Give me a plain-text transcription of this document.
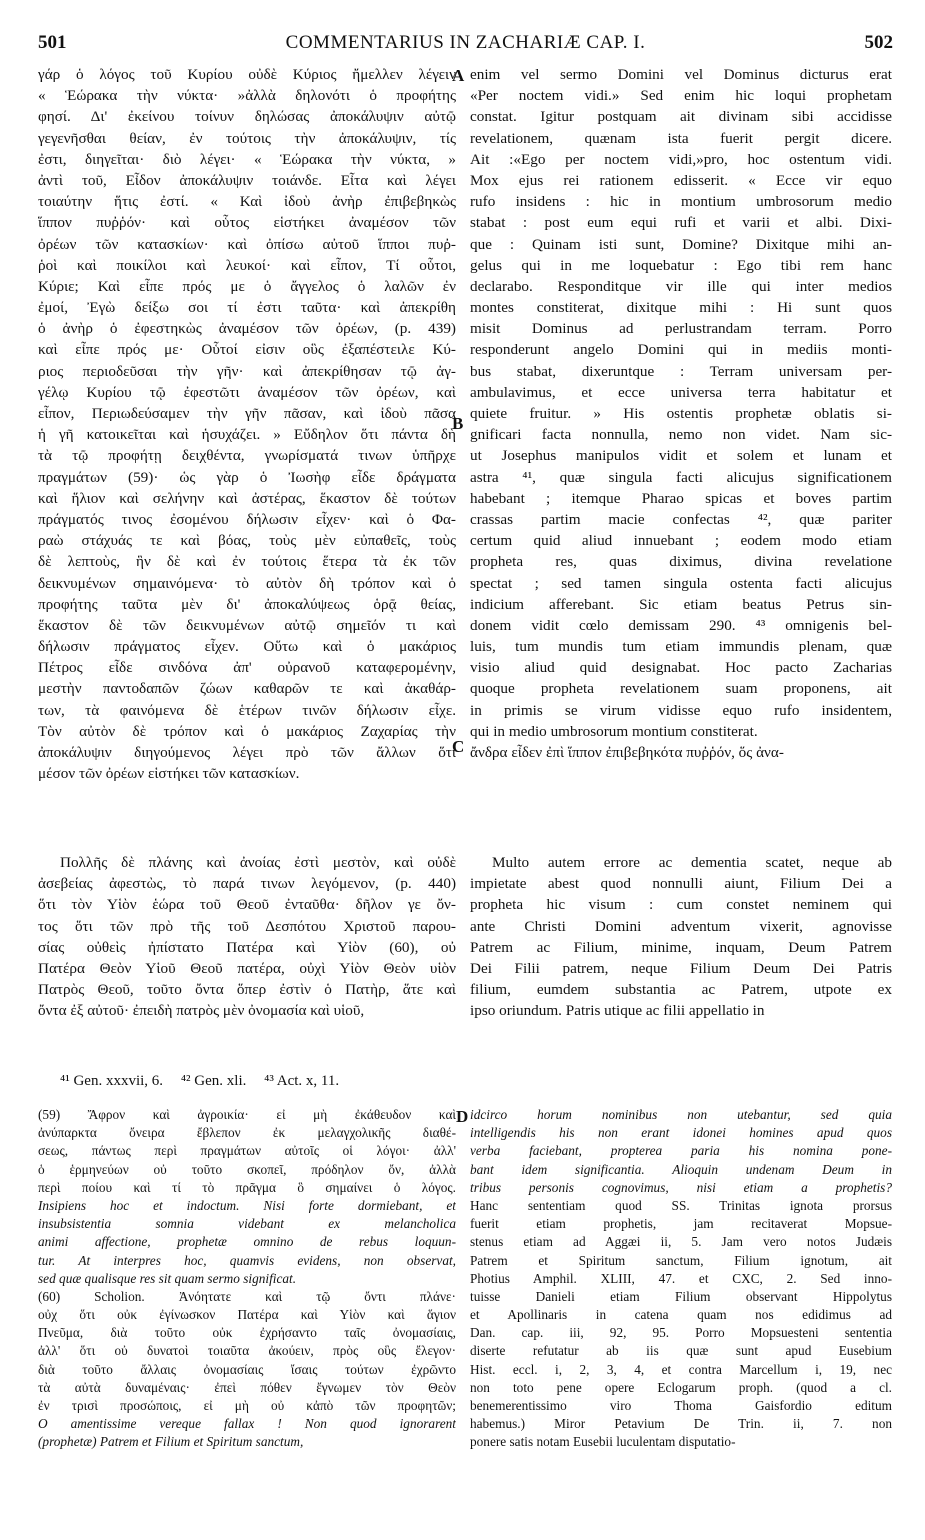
501	COMMENTARIUS IN ZACHARIÆ CAP. I.	502
γάρ ὁ λόγος τοῦ Κυρίου οὐδὲ Κύριος ἤμελλεν λέγειν
« Ἑώρακα τὴν νύκτα· »ἀλλὰ δηλονότι ὁ προφήτης
φησί. Δι' ἐκείνου τοίνυν δηλώσας ἀποκάλυψιν αὐτῷ
γεγενῆσθαι θείαν, ἐν τούτοις τὴν ἀποκάλυψιν, τίς
ἐστι, διηγεῖται· διὸ λέγει· « Ἑώρακα τὴν νύκτα, »
ἀντὶ τοῦ, Εἶδον ἀποκάλυψιν τοιάνδε. Εἶτα καὶ λέγει
τοιαύτην ἥτις ἐστί. « Καὶ ἰδοὺ ἀνὴρ ἐπιβεβηκὼς
ἵππον πυῤῥόν· καὶ οὗτος εἱστήκει ἀναμέσον τῶν
ὀρέων τῶν κατασκίων· καὶ ὀπίσω αὐτοῦ ἵπποι πυῤ-
ῥοὶ καὶ ποικίλοι καὶ λευκοί· καὶ εἶπον, Τί οὗτοι,
Κύριε; Καὶ εἶπε πρός με ὁ ἄγγελος ὁ λαλῶν ἐν
ἐμοί, Ἐγὼ δείξω σοι τί ἐστι ταῦτα· καὶ ἀπεκρίθη
ὁ ἀνὴρ ὁ ἐφεστηκὼς ἀναμέσον τῶν ὀρέων, (p. 439)
καὶ εἶπε πρός με· Οὗτοί εἰσιν οὓς ἐξαπέστειλε Κύ-
ριος περιοδεῦσαι τὴν γῆν· καὶ ἀπεκρίθησαν τῷ ἀγ-
γέλῳ Κυρίου τῷ ἐφεστῶτι ἀναμέσον τῶν ὀρέων, καὶ
εἶπον, Περιωδεύσαμεν τὴν γῆν πᾶσαν, καὶ ἰδοὺ πᾶσα
ἡ γῆ κατοικεῖται καὶ ἡσυχάζει. » Εὔδηλον ὅτι πάντα δὴ
τὰ τῷ προφήτῃ δειχθέντα, γνωρίσματά τινων ὑπῆρχε
πραγμάτων (59)· ὡς γὰρ ὁ Ἰωσὴφ εἶδε δράγματα
καὶ ἥλιον καὶ σελήνην καὶ ἀστέρας, ἕκαστον δὲ τούτων
πράγματός τινος ἐσομένου δήλωσιν εἶχεν· καὶ ὁ Φα-
ραὼ στάχυάς τε καὶ βόας, τοὺς μὲν εὐπαθεῖς, τοὺς
δὲ λεπτοὺς, ἣν δὲ καὶ ἐν τούτοις ἕτερα τὰ ἐκ τῶν
δεικνυμένων σημαινόμενα· τὸ αὐτὸν δὴ τρόπον καὶ ὁ
προφήτης ταῦτα μὲν δι' ἀποκαλύψεως ὁρᾷ θείας,
ἕκαστον δὲ τῶν δεικνυμένων αὐτῷ σημεῖόν τι καὶ
δήλωσιν πράγματος εἶχεν. Οὕτω καὶ ὁ μακάριος
Πέτρος εἶδε σινδόνα ἀπ' οὐρανοῦ καταφερομένην,
μεστὴν παντοδαπῶν ζώων καθαρῶν τε καὶ ἀκαθάρ-
των, τὰ φαινόμενα δὲ ἑτέρων τινῶν δήλωσιν εἶχε.
Τὸν αὐτὸν δὲ τρόπον καὶ ὁ μακάριος Ζαχαρίας τὴν
ἀποκάλυψιν διηγούμενος λέγει πρὸ τῶν ἄλλων ὅτι
μέσον τῶν ὀρέων εἱστήκει τῶν κατασκίων.
Πολλῆς δὲ πλάνης καὶ ἀνοίας ἐστὶ μεστὸν, καὶ οὐδὲ
ἀσεβείας ἀφεστὼς, τὸ παρά τινων λεγόμενον, (p. 440)
ὅτι τὸν Υἱὸν ἑώρα τοῦ Θεοῦ ἐνταῦθα· δῆλον γε ὄν-
τος ὅτι τῶν πρὸ τῆς τοῦ Δεσπότου Χριστοῦ παρου-
σίας οὐθεὶς ἠπίστατο Πατέρα καὶ Υἱὸν (60), οὐ
Πατέρα Θεὸν Υἱοῦ Θεοῦ πατέρα, οὐχὶ Υἱὸν Θεὸν υἱὸν
Πατρὸς Θεοῦ, τοῦτο ὄντα ὅπερ ἐστὶν ὁ Πατὴρ, ἅτε καὶ
ὄντα ἐξ αὐτοῦ· ἐπειδὴ πατρὸς μὲν ὀνομασία καὶ υἱοῦ,
enim vel sermo Domini vel Dominus dicturus erat
«Per noctem vidi.» Sed enim hic loqui prophetam
constat. Igitur postquam ait divinam sibi accidisse
revelationem, quænam ista fuerit pergit dicere.
Ait :«Ego per noctem vidi,»pro, hoc ostentum vidi.
Mox ejus rei rationem edisserit. « Ecce vir equo
rufo insidens : hic in montium umbrosorum medio
stabat : post eum equi rufi et varii et albi. Dixi-
que : Quinam isti sunt, Domine? Dixitque mihi an-
gelus qui in me loquebatur : Ego tibi rem hanc
declarabo. Responditque vir ille qui inter medios
montes constiterat, dixitque mihi : Hi sunt quos
misit Dominus ad perlustrandam terram. Porro
responderunt angelo Domini qui in mediis monti-
bus stabat, dixeruntque : Terram universam per-
ambulavimus, et ecce universa terra habitatur et
quiete fruitur. » His ostentis prophetæ oblatis si-
gnificari facta nonnulla, nemo non videt. Nam sic-
ut Josephus manipulos vidit et solem et lunam et
astra ⁴¹, quæ singula facti alicujus significationem
habebant ; itemque Pharao spicas et boves partim
crassas partim macie confectas ⁴², quæ pariter
certum quid aliud innuebant ; eodem modo etiam
propheta res, quas diximus, divina revelatione
spectat ; sed tamen singula ostenta facti alicujus
indicium afferebant. Sic etiam beatus Petrus sin-
donem vidit cœlo demissam 290. ⁴³ omnigenis bel-
luis, tum mundis tum etiam immundis plenam, quæ
visio aliud quid designabat. Hoc pacto Zacharias
quoque propheta revelationem suam proponens, ait
in primis se virum vidisse equo rufo insidentem,
qui in medio umbrosorum montium constiterat.
ἄνδρα εἶδεν ἐπὶ ἵππον ἐπιβεβηκότα πυῤῥόν, ὅς ἀνα-
Multo autem errore ac dementia scatet, neque ab
impietate abest quod nonnulli aiunt, Filium Dei a
propheta hic visum : cum constet neminem qui
ante Christi Domini adventum vixerit, agnovisse
Patrem ac Filium, minime, inquam, Deum Patrem
Dei Filii patrem, neque Filium Deum Dei Patris
filium, eumdem substantia ac Patrem, utpote ex
ipso oriundum. Patris utique ac filii appellatio in
A
B
C
D
⁴¹ Gen. xxxvii, 6. ⁴² Gen. xli. ⁴³ Act. x, 11.
(59) Ἄφρον καὶ ἀγροικία· εἰ μὴ ἐκάθευδον καὶ
ἀνύπαρκτα ὄνειρα ἔβλεπον ἐκ μελαγχολικῆς διαθέ-
σεως, πάντως περὶ πραγμάτων αὐτοῖς οἱ λόγοι· ἀλλ'
ὁ ἑρμηνεύων οὐ τοῦτο σκοπεῖ, πρόδηλον ὄν, ἀλλὰ
περὶ ποίου καὶ τί τὸ πρᾶγμα ὃ σημαίνει ὁ λόγος.
Insipiens hoc et indoctum. Nisi forte dormiebant, et
insubsistentia somnia videbant ex melancholica
animi affectione, prophetæ omnino de rebus loquun-
tur. At interpres hoc, quamvis evidens, non observat,
sed quæ qualisque res sit quam sermo significat.
(60) Scholion. Ἀνόητατε καὶ τῷ ὄντι πλάνε·
οὐχ ὅτι οὐκ ἐγίνωσκον Πατέρα καὶ Υἱὸν καὶ ἅγιον
Πνεῦμα, διὰ τοῦτο οὐκ ἐχρήσαντο ταῖς ὀνομασίαις,
ἀλλ' ὅτι οὐ δυνατοὶ τοιαῦτα ἀκούειν, πρὸς οὓς ἔλεγον·
διὰ τοῦτο ἄλλαις ὀνομασίαις ἴσαις τούτων ἐχρῶντο
τὰ αὐτὰ δυναμέναις· ἐπεὶ πόθεν ἔγνωμεν τὸν Θεὸν
ἐν τρισὶ προσώποις, εἰ μὴ οὐ κἀπὸ τῶν προφητῶν;
O amentissime vereque fallax ! Non quod ignorarent
(prophetæ) Patrem et Filium et Spiritum sanctum,
idcirco horum nominibus non utebantur, sed quia
intelligendis his non erant idonei homines apud quos
verba faciebant, propterea paria his nomina pone-
bant idem significantia. Alioquin undenam Deum in
tribus personis cognovimus, nisi etiam a prophetis?
Hanc sententiam quod SS. Trinitas ignota prorsus
fuerit etiam prophetis, jam recitaverat Mopsue-
stenus etiam ad Aggæi ii, 5. Jam vero notos Judæis
Patrem et Spiritum sanctum, Filium ignotum, ait
Photius Amphil. XLIII, 47. et CXC, 2. Sed inno-
tuisse Danieli etiam Filium observant Hippolytus
et Apollinaris in catena quam nos edidimus ad
Dan. cap. iii, 92, 95. Porro Mopsuesteni sententia
diserte refutatur ab iis quæ sunt apud Eusebium
Hist. eccl. i, 2, 3, 4, et contra Marcellum i, 19, nec
non toto pene opere Eclogarum proph. (quod a cl.
benemerentissimo viro Thoma Gaisfordio editum
habemus.) Miror Petavium De Trin. ii, 7. non
ponere satis notam Eusebii luculentam disputatio-
